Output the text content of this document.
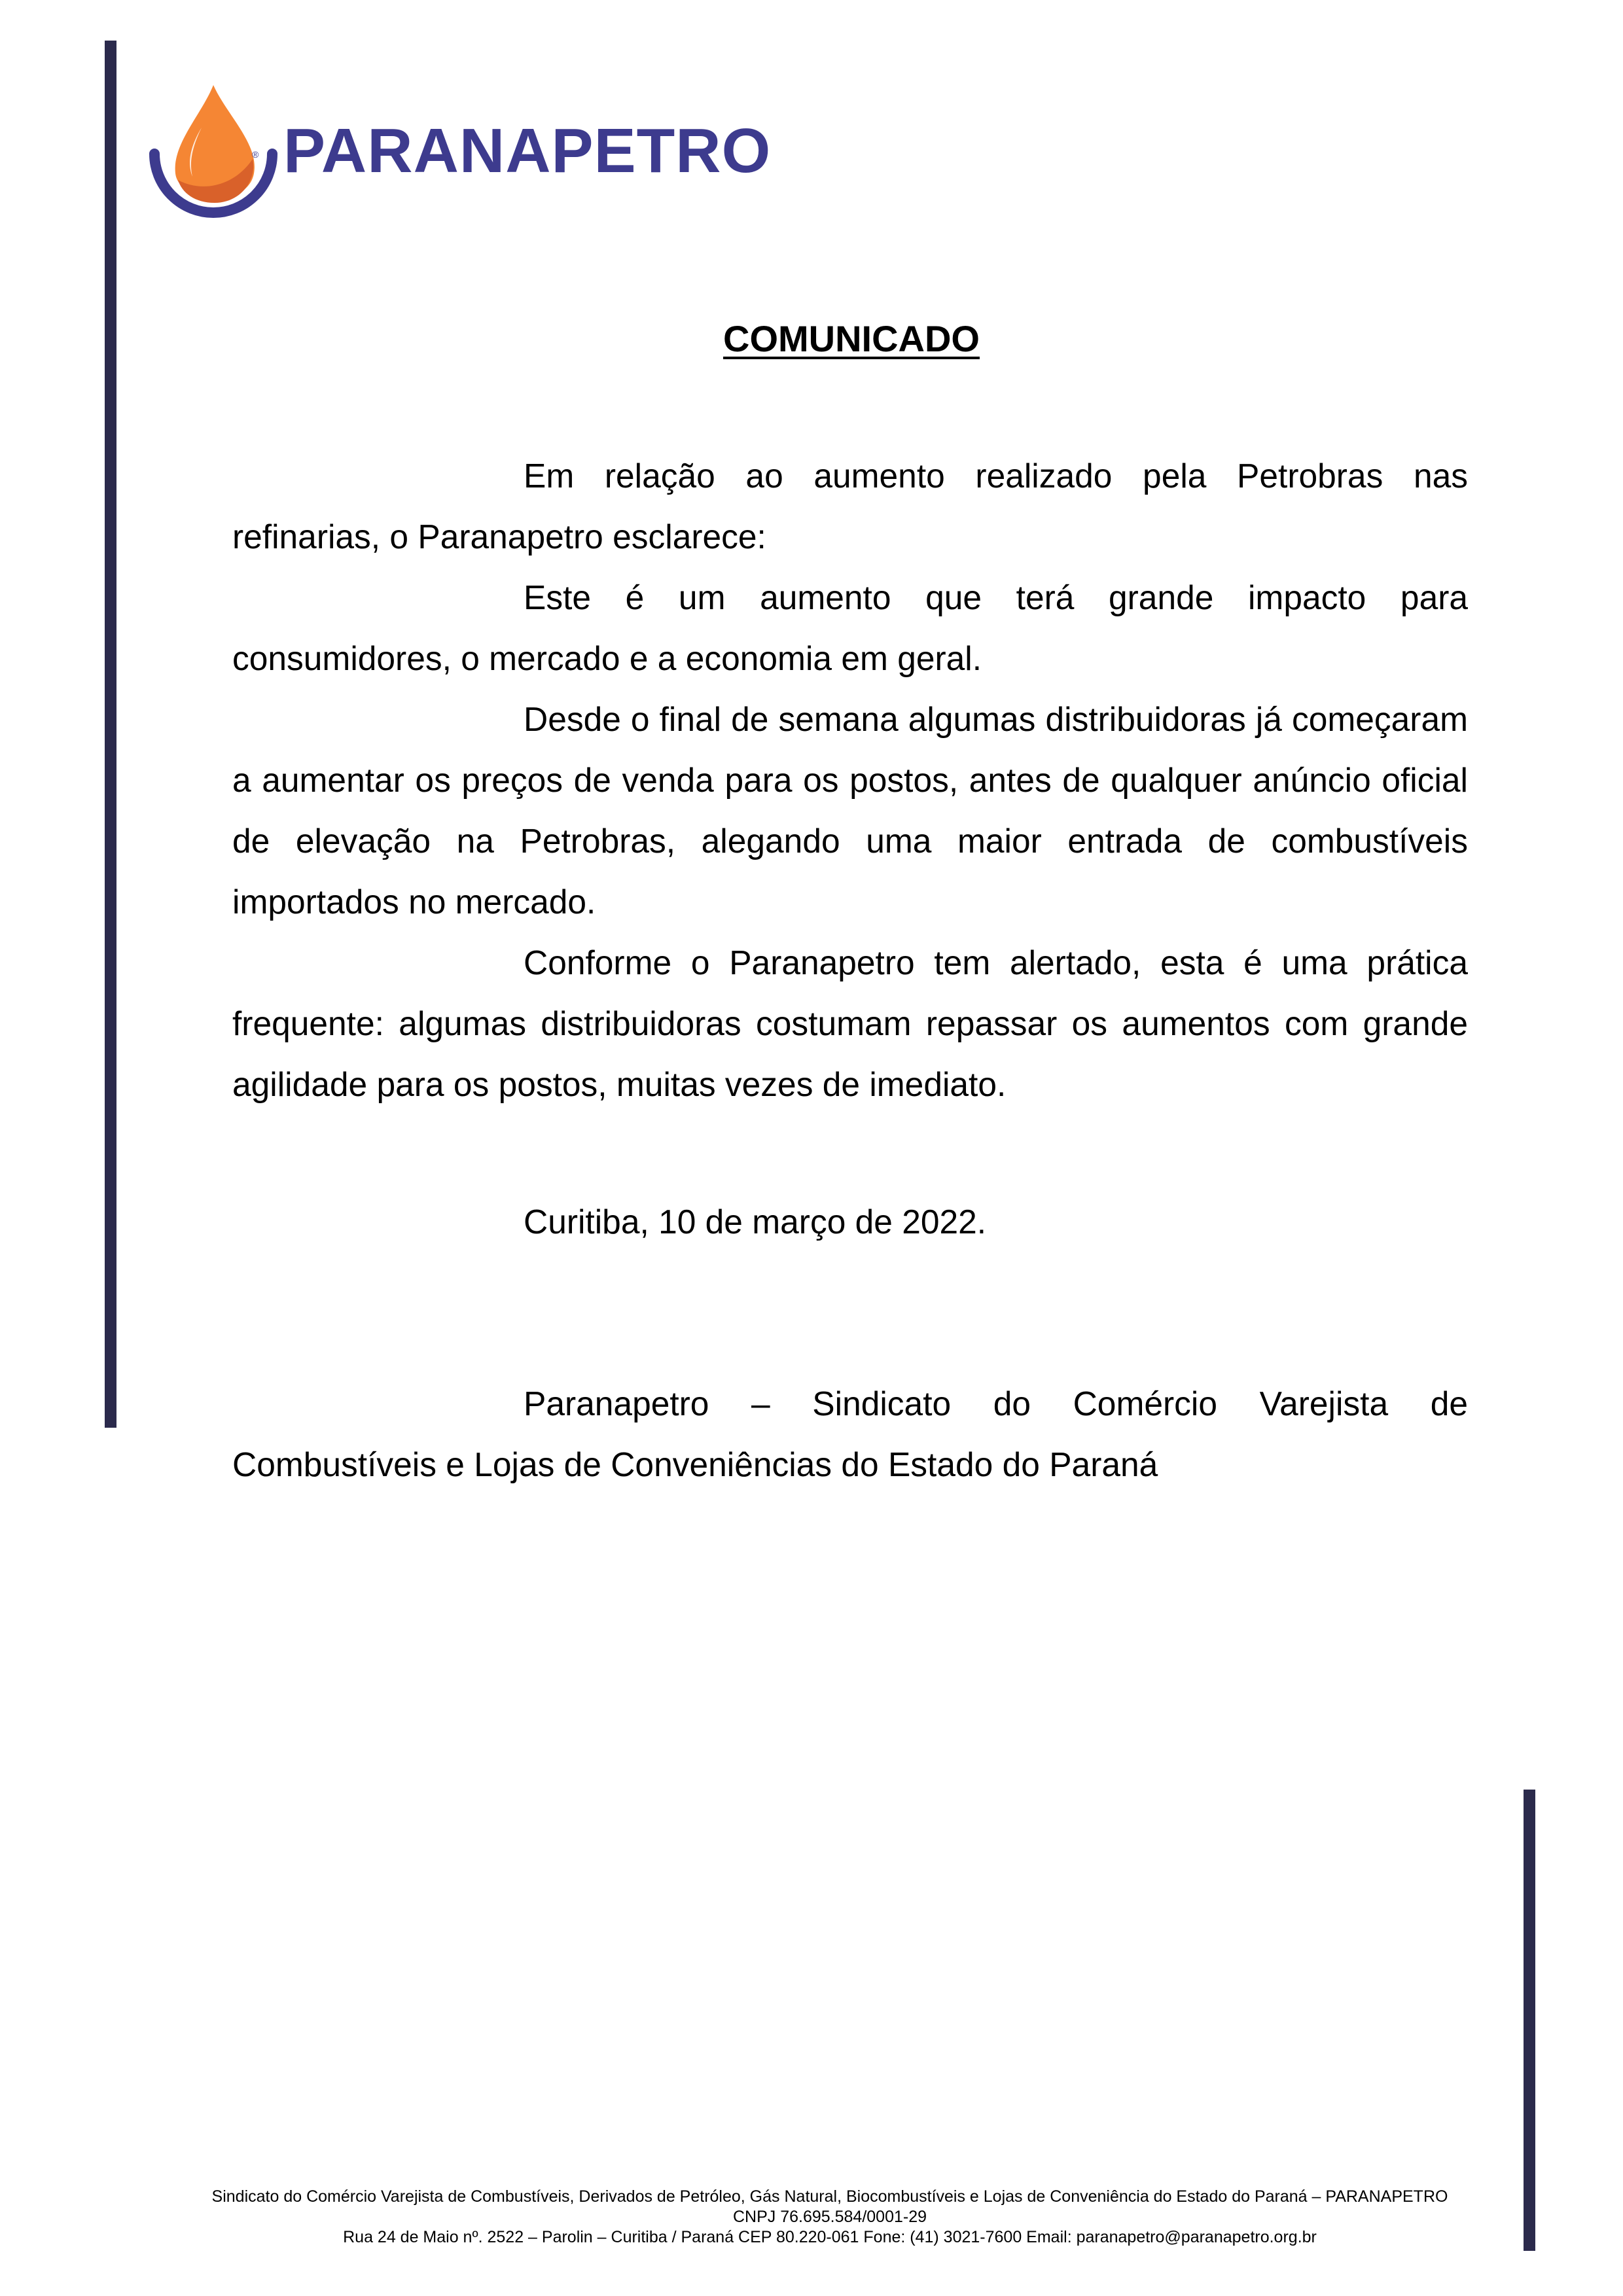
® PARANAPETRO
COMUNICADO

Em relação ao aumento realizado pela Petrobras nas refinarias, o Paranapetro esclarece:

Este é um aumento que terá grande impacto para consumidores, o mercado e a economia em geral.

Desde o final de semana algumas distribuidoras já começaram a aumentar os preços de venda para os postos, antes de qualquer anúncio oficial de elevação na Petrobras, alegando uma maior entrada de combustíveis importados no mercado.

Conforme o Paranapetro tem alertado, esta é uma prática frequente: algumas distribuidoras costumam repassar os aumentos com grande agilidade para os postos, muitas vezes de imediato.

Curitiba, 10 de março de 2022.

Paranapetro – Sindicato do Comércio Varejista de Combustíveis e Lojas de Conveniências do Estado do Paraná

Sindicato do Comércio Varejista de Combustíveis, Derivados de Petróleo, Gás Natural, Biocombustíveis e Lojas de Conveniência do Estado do Paraná – PARANAPETRO
CNPJ 76.695.584/0001-29
Rua 24 de Maio nº. 2522 – Parolin – Curitiba / Paraná CEP 80.220-061 Fone: (41) 3021-7600 Email: paranapetro@paranapetro.org.br
